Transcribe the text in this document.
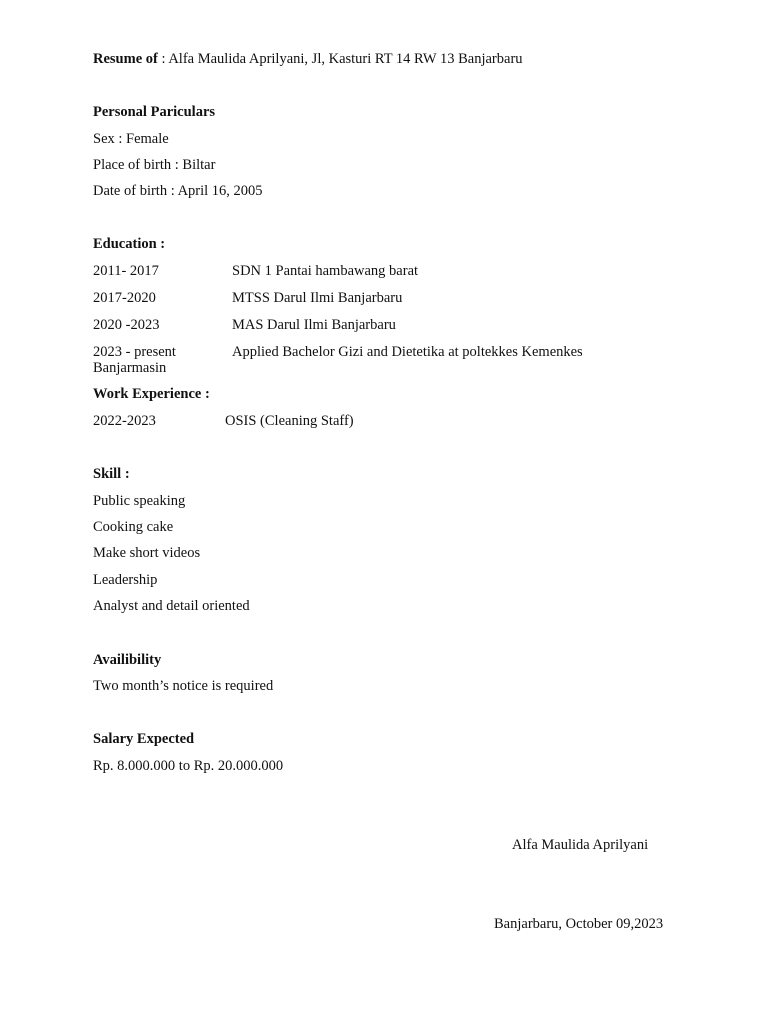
Resume of : Alfa Maulida Aprilyani, Jl, Kasturi RT 14 RW 13 Banjarbaru
Personal Pariculars
Sex : Female
Place of birth : Biltar
Date of birth : April 16, 2005
Education :
2011- 2017	SDN 1 Pantai hambawang barat
2017-2020	MTSS Darul Ilmi Banjarbaru
2020 -2023	MAS Darul Ilmi Banjarbaru
2023 - present	Applied Bachelor Gizi and Dietetika at poltekkes Kemenkes
Banjarmasin
Work Experience :
2022-2023	OSIS (Cleaning Staff)
Skill :
Public speaking
Cooking cake
Make short videos
Leadership
Analyst and detail oriented
Availibility
Two month’s notice is required
Salary Expected
Rp. 8.000.000 to Rp. 20.000.000
Alfa Maulida Aprilyani
Banjarbaru, October 09,2023
